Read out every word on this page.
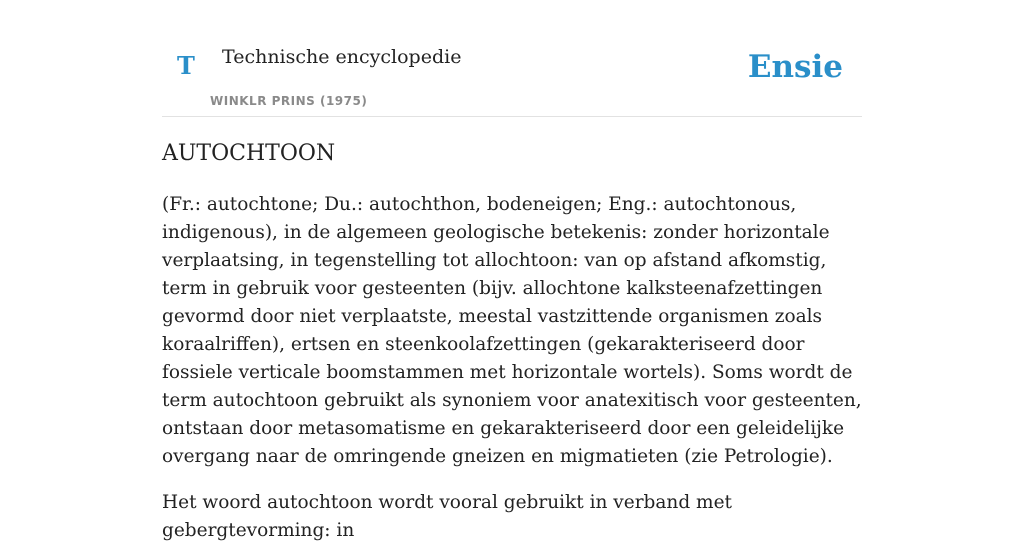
T Technische encyclopedie
WINKLR PRINS (1975)
Ensie
AUTOCHTOON

(Fr.: autochtone; Du.: autochthon, bodeneigen; Eng.: autochtonous, indigenous), in de algemeen geologische betekenis: zonder horizontale verplaatsing, in tegenstelling tot allochtoon: van op afstand afkomstig, term in gebruik voor gesteenten (bijv. allochtone kalksteenafzettingen gevormd door niet verplaatste, meestal vastzittende organismen zoals koraalriffen), ertsen en steenkoolafzettingen (gekarakteriseerd door fossiele verticale boomstammen met horizontale wortels). Soms wordt de term autochtoon gebruikt als synoniem voor anatexitisch voor gesteenten, ontstaan door metasomatisme en gekarakteriseerd door een geleidelijke overgang naar de omringende gneizen en migmatieten (zie Petrologie).

Het woord autochtoon wordt vooral gebruikt in verband met gebergtevorming: in
